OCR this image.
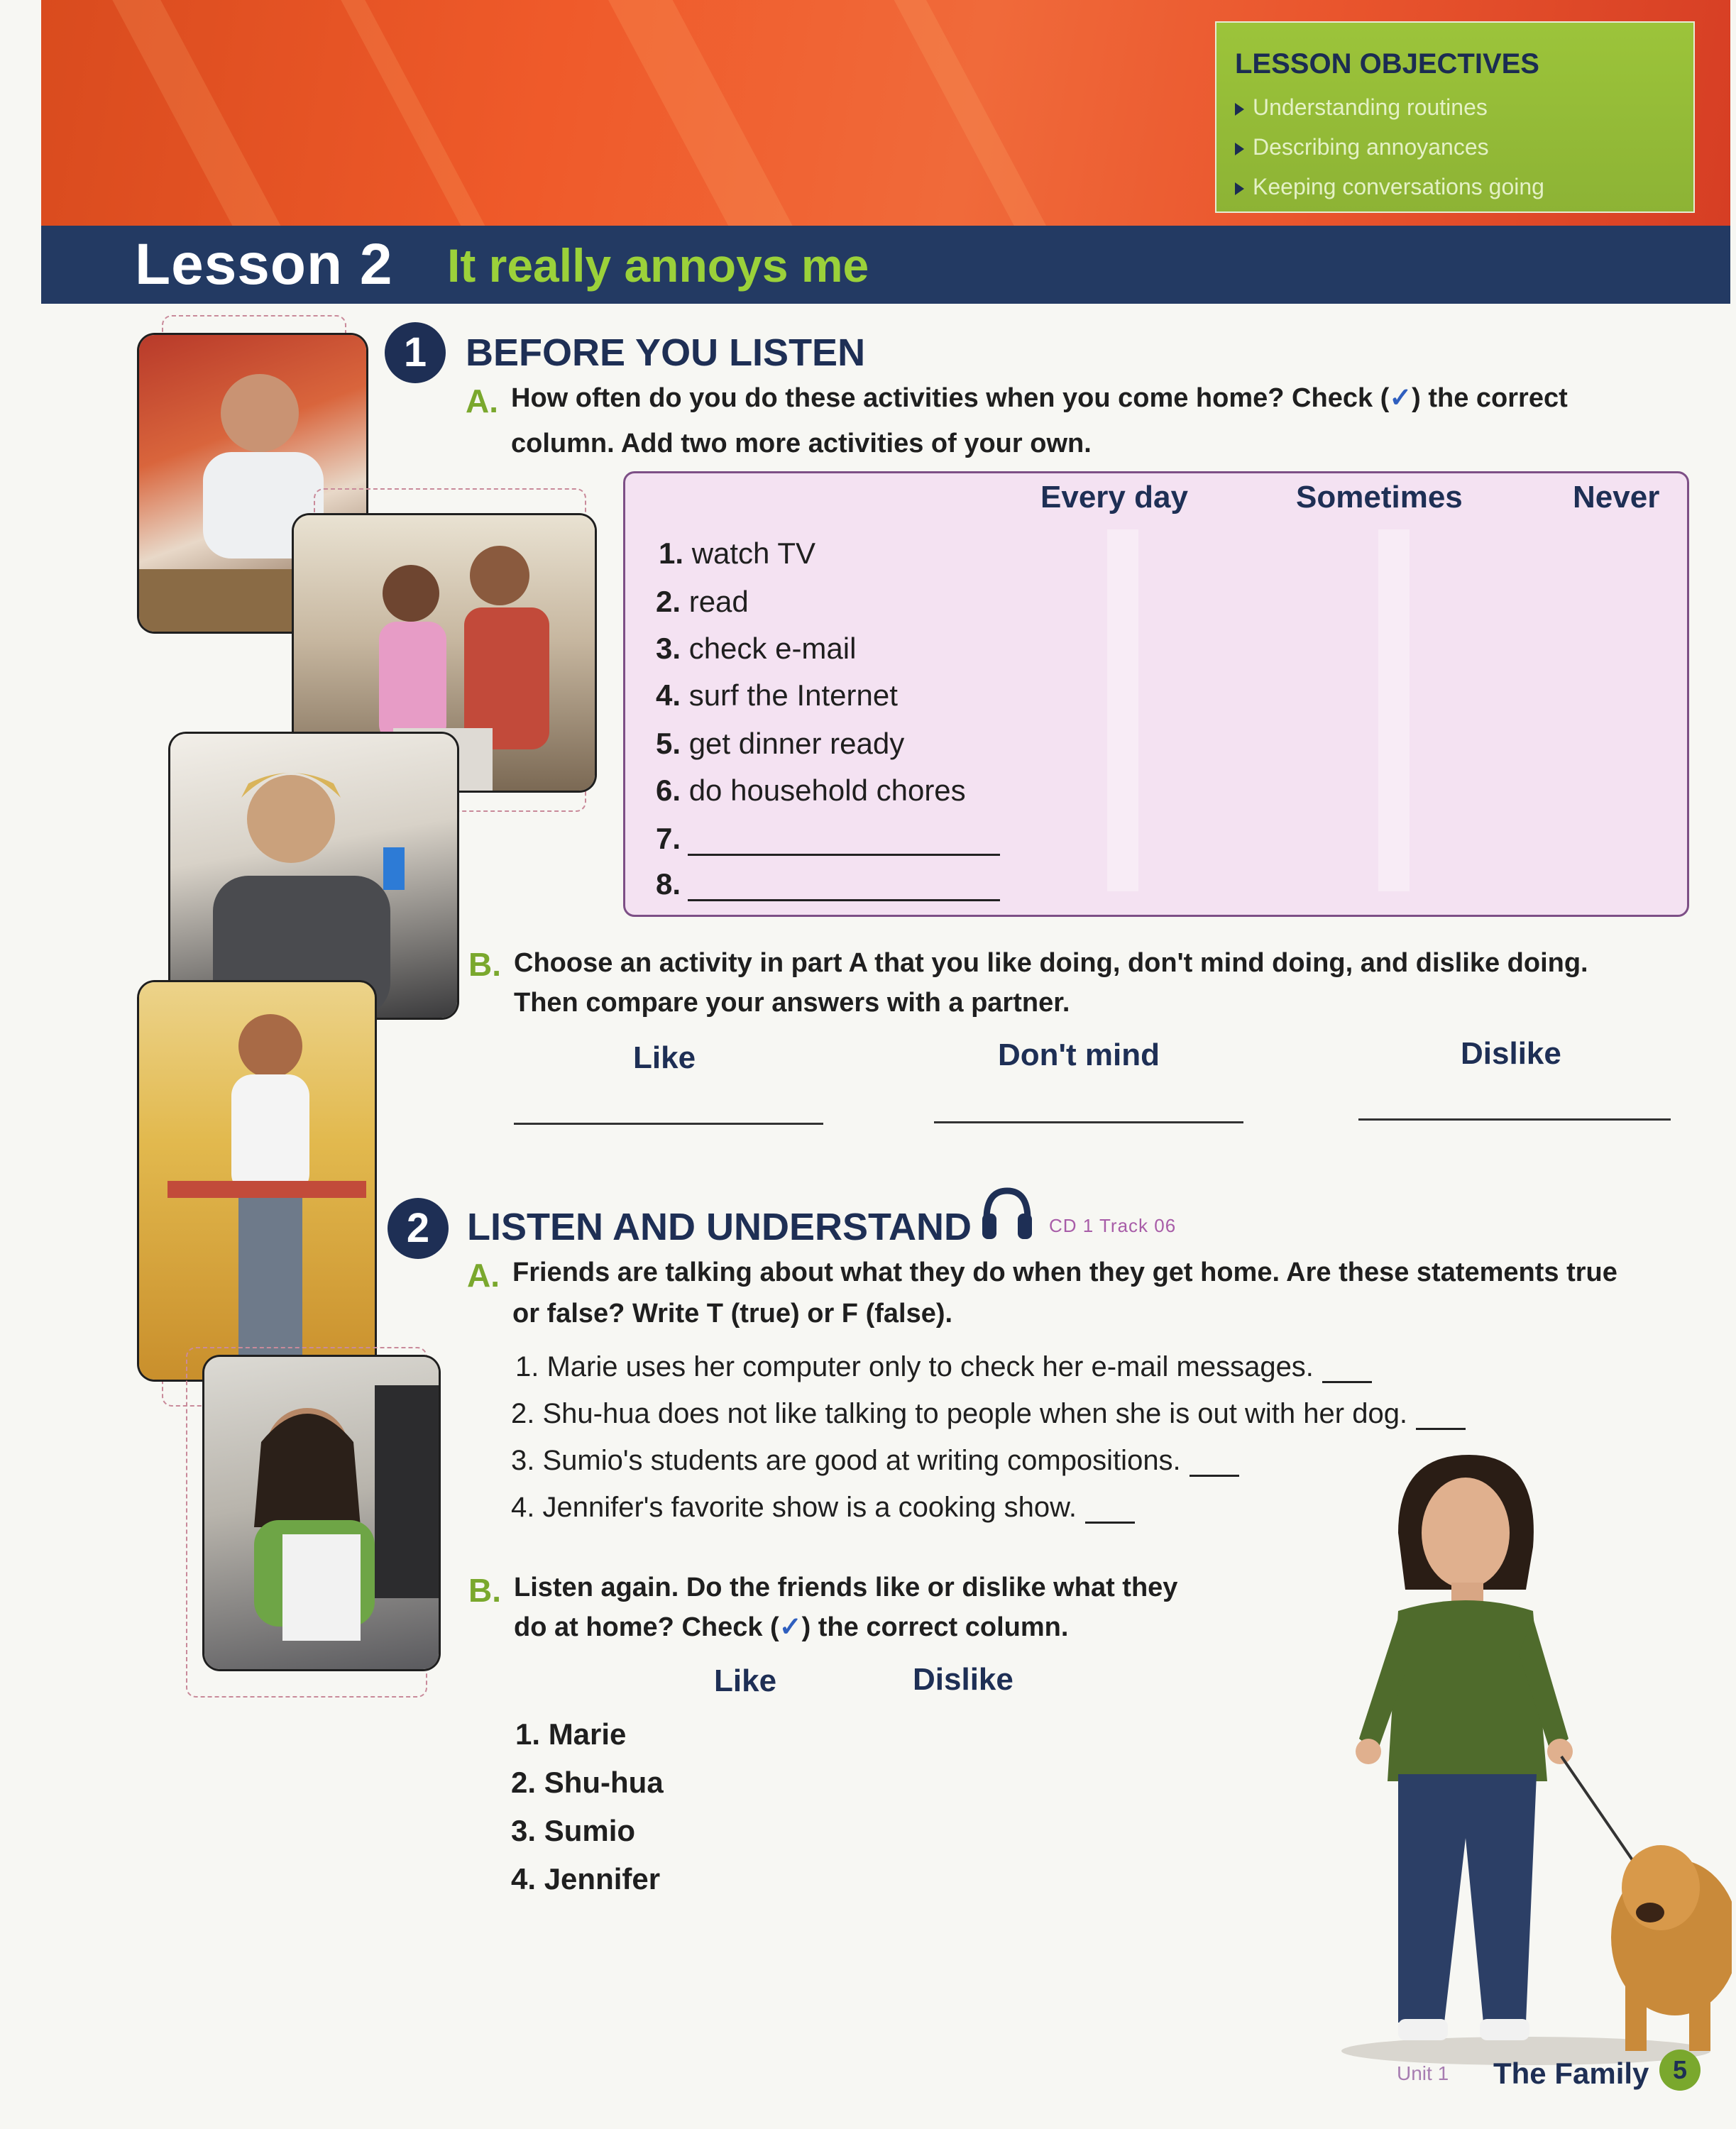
Lesson 2 It really annoys me
LESSON OBJECTIVES
Understanding routines
Describing annoyances
Keeping conversations going
1	BEFORE YOU LISTEN
A. How often do you do these activities when you come home? Check (✓) the correct
column. Add two more activities of your own.
Every day	Sometimes	Never
1. watch TV
2. read
3. check e-mail
4. surf the Internet
5. get dinner ready
6. do household chores
7.
8.
B. Choose an activity in part A that you like doing, don't mind doing, and dislike doing.
Then compare your answers with a partner.
Like	Don't mind	Dislike
2 LISTEN AND UNDERSTAND	CD 1 Track 06
A. Friends are talking about what they do when they get home. Are these statements true
or false? Write T (true) or F (false).
1. Marie uses her computer only to check her e-mail messages.
2. Shu-hua does not like talking to people when she is out with her dog.
3. Sumio's students are good at writing compositions.
4. Jennifer's favorite show is a cooking show.
B. Listen again. Do the friends like or dislike what they
do at home? Check (✓) the correct column.
Like	Dislike
1. Marie
2. Shu-hua
3. Sumio
4. Jennifer
Unit 1 The Family 5
